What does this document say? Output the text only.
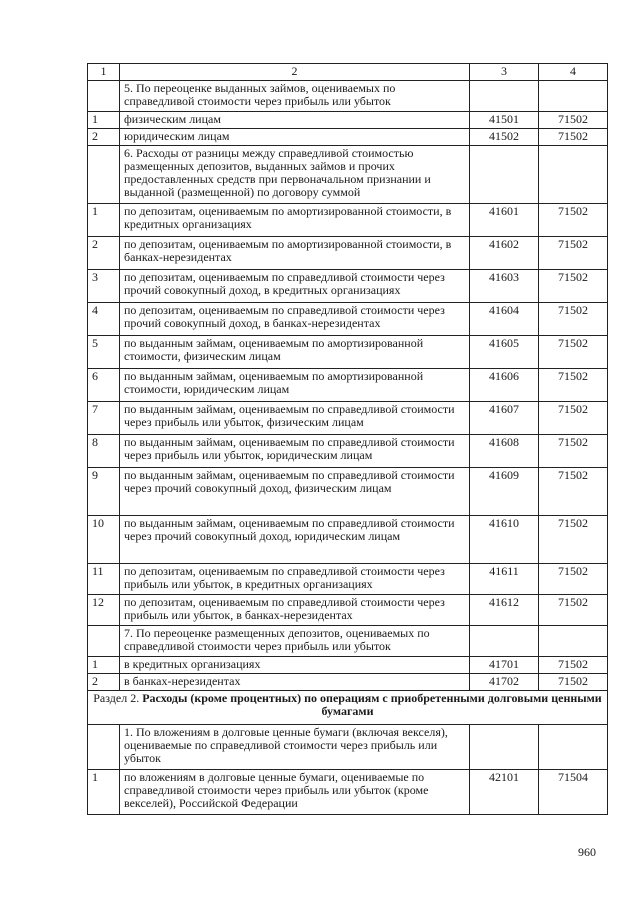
1	2	3	4
	5. По переоценке выданных займов, оцениваемых по справедливой стоимости через прибыль или убыток		
1	физическим лицам	41501	71502
2	юридическим лицам	41502	71502
	6. Расходы от разницы между справедливой стоимостью размещенных депозитов, выданных займов и прочих предоставленных средств при первоначальном признании и выданной (размещенной) по договору суммой		
1	по депозитам, оцениваемым по амортизированной стоимости, в кредитных организациях	41601	71502
2	по депозитам, оцениваемым по амортизированной стоимости, в банках-нерезидентах	41602	71502
3	по депозитам, оцениваемым по справедливой стоимости через прочий совокупный доход, в кредитных организациях	41603	71502
4	по депозитам, оцениваемым по справедливой стоимости через прочий совокупный доход, в банках-нерезидентах	41604	71502
5	по выданным займам, оцениваемым по амортизированной стоимости, физическим лицам	41605	71502
6	по выданным займам, оцениваемым по амортизированной стоимости, юридическим лицам	41606	71502
7	по выданным займам, оцениваемым по справедливой стоимости через прибыль или убыток, физическим лицам	41607	71502
8	по выданным займам, оцениваемым по справедливой стоимости через прибыль или убыток, юридическим лицам	41608	71502
9	по выданным займам, оцениваемым по справедливой стоимости через прочий совокупный доход, физическим лицам	41609	71502
10	по выданным займам, оцениваемым по справедливой стоимости через прочий совокупный доход, юридическим лицам	41610	71502
11	по депозитам, оцениваемым по справедливой стоимости через прибыль или убыток, в кредитных организациях	41611	71502
12	по депозитам, оцениваемым по справедливой стоимости через прибыль или убыток, в банках-нерезидентах	41612	71502
	7. По переоценке размещенных депозитов, оцениваемых по справедливой стоимости через прибыль или убыток		
1	в кредитных организациях	41701	71502
2	в банках-нерезидентах	41702	71502
Раздел 2. Расходы (кроме процентных) по операциям с приобретенными долговыми ценными бумагами			
	1. По вложениям в долговые ценные бумаги (включая векселя), оцениваемые по справедливой стоимости через прибыль или убыток		
1	по вложениям в долговые ценные бумаги, оцениваемые по справедливой стоимости через прибыль или убыток (кроме векселей), Российской Федерации	42101	71504
960
